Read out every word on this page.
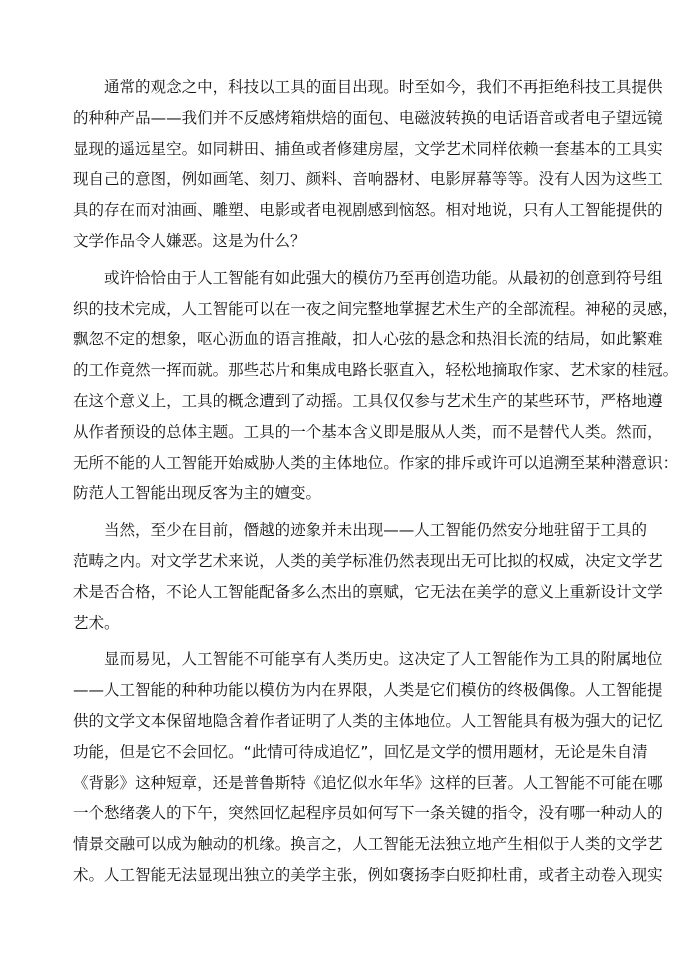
通 常 的 观 念 之 中 ， 科 技 以 工 具 的 面 目 出 现 。 时 至 如 今 ， 我 们 不 再 拒 绝 科 技 工 具 提 供
的 种 种 产 品 — — 我 们 并 不 反 感 烤 箱 烘 焙 的 面 包 、 电 磁 波 转 换 的 电 话 语 音 或 者 电 子 望 远 镜
显 现 的 遥 远 星 空 。 如 同 耕 田 、 捕 鱼 或 者 修 建 房 屋 ， 文 学 艺 术 同 样 依 赖 一 套 基 本 的 工 具 实
现 自 己 的 意 图 ， 例 如 画 笔 、 刻 刀 、 颜 料 、 音 响 器 材 、 电 影 屏 幕 等 等 。 没 有 人 因 为 这 些 工
具 的 存 在 而 对 油 画 、 雕 塑 、 电 影 或 者 电 视 剧 感 到 恼 怒 。 相 对 地 说 ， 只 有 人 工 智 能 提 供 的
文学作品令人嫌恶。这是为什么？
或 许 恰 恰 由 于 人 工 智 能 有 如 此 强 大 的 模 仿 乃 至 再 创 造 功 能 。 从 最 初 的 创 意 到 符 号 组
织 的 技 术 完 成 ， 人 工 智 能 可 以 在 一 夜 之 间 完 整 地 掌 握 艺 术 生 产 的 全 部 流 程 。 神 秘 的 灵 感 ，
飘 忽 不 定 的 想 象 ， 呕 心 沥 血 的 语 言 推 敲 ， 扣 人 心 弦 的 悬 念 和 热 泪 长 流 的 结 局 ， 如 此 繁 难
的 工 作 竟 然 一 挥 而 就 。 那 些 芯 片 和 集 成 电 路 长 驱 直 入 ， 轻 松 地 摘 取 作 家 、 艺 术 家 的 桂 冠 。
在 这 个 意 义 上 ， 工 具 的 概 念 遭 到 了 动 摇 。 工 具 仅 仅 参 与 艺 术 生 产 的 某 些 环 节 ， 严 格 地 遵
从 作 者 预 设 的 总 体 主 题 。 工 具 的 一 个 基 本 含 义 即 是 服 从 人 类 ， 而 不 是 替 代 人 类 。 然 而 ，
无 所 不 能 的 人 工 智 能 开 始 威 胁 人 类 的 主 体 地 位 。 作 家 的 排 斥 或 许 可 以 追 溯 至 某 种 潜 意 识 ：
防范人工智能出现反客为主的嬗变。
当 然 ， 至 少 在 目 前 ， 僭 越 的 迹 象 并 未 出 现 — — 人 工 智 能 仍 然 安 分 地 驻 留 于 工 具 的
范 畴 之 内 。 对 文 学 艺 术 来 说 ， 人 类 的 美 学 标 准 仍 然 表 现 出 无 可 比 拟 的 权 威 ， 决 定 文 学 艺
术 是 否 合 格 ， 不 论 人 工 智 能 配 备 多 么 杰 出 的 禀 赋 ， 它 无 法 在 美 学 的 意 义 上 重 新 设 计 文 学
艺术。
显 而 易 见 ， 人 工 智 能 不 可 能 享 有 人 类 历 史 。 这 决 定 了 人 工 智 能 作 为 工 具 的 附 属 地 位
— — 人 工 智 能 的 种 种 功 能 以 模 仿 为 内 在 界 限 ， 人 类 是 它 们 模 仿 的 终 极 偶 像 。 人 工 智 能 提
供 的 文 学 文 本 保 留 地 隐 含 着 作 者 证 明 了 人 类 的 主 体 地 位 。 人 工 智 能 具 有 极 为 强 大 的 记 忆
功 能 ， 但 是 它 不 会 回 忆 。 “ 此 情 可 待 成 追 忆 ” ， 回 忆 是 文 学 的 惯 用 题 材 ， 无 论 是 朱 自 清
《 背 影 》 这 种 短 章 ， 还 是 普 鲁 斯 特 《 追 忆 似 水 年 华 》 这 样 的 巨 著 。 人 工 智 能 不 可 能 在 哪
一 个 愁 绪 袭 人 的 下 午 ， 突 然 回 忆 起 程 序 员 如 何 写 下 一 条 关 键 的 指 令 ， 没 有 哪 一 种 动 人 的
情 景 交 融 可 以 成 为 触 动 的 机 缘 。 换 言 之 ， 人 工 智 能 无 法 独 立 地 产 生 相 似 于 人 类 的 文 学 艺
术 。 人 工 智 能 无 法 显 现 出 独 立 的 美 学 主 张 ， 例 如 褒 扬 李 白 贬 抑 杜 甫 ， 或 者 主 动 卷 入 现 实
